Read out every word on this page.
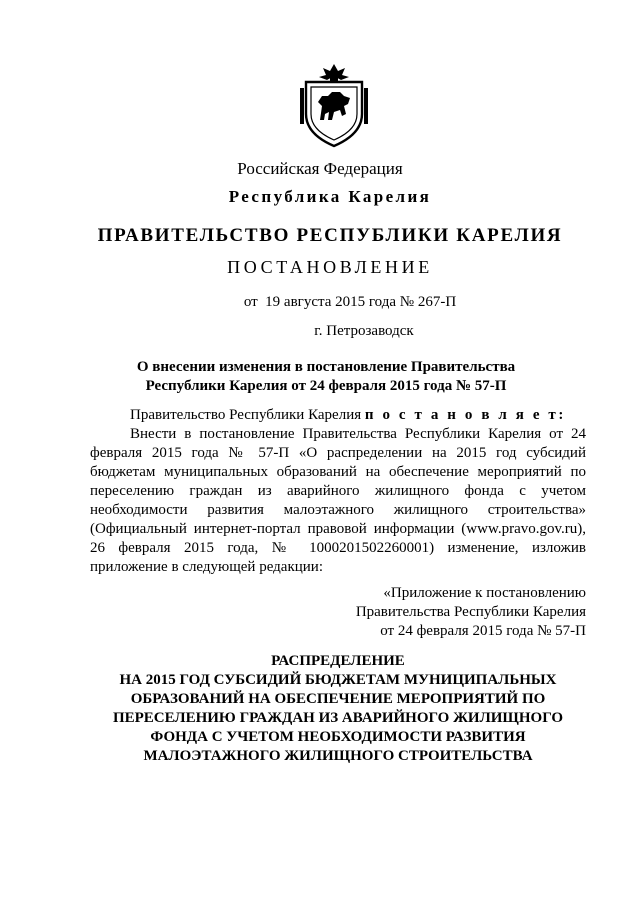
Российская Федерация
Республика Карелия
ПРАВИТЕЛЬСТВО РЕСПУБЛИКИ КАРЕЛИЯ
ПОСТАНОВЛЕНИЕ
от  19 августа 2015 года № 267-П
г. Петрозаводск
О внесении изменения в постановление Правительства
Республики Карелия от 24 февраля 2015 года № 57-П

Правительство Республики Карелия п о с т а н о в л я е т:

Внести в постановление Правительства Республики Карелия от 24 февраля 2015 года № 57-П «О распределении на 2015 год субсидий бюджетам муниципальных образований на обеспечение мероприятий по переселению граждан из аварийного жилищного фонда с учетом необходимости развития малоэтажного жилищного строительства» (Официальный интернет-портал правовой информации (www.pravo.gov.ru), 26 февраля 2015 года, № 1000201502260001) изменение, изложив приложение в следующей редакции:

«Приложение к постановлению
Правительства Республики Карелия
от 24 февраля 2015 года № 57-П
РАСПРЕДЕЛЕНИЕ
НА 2015 ГОД СУБСИДИЙ БЮДЖЕТАМ МУНИЦИПАЛЬНЫХ
ОБРАЗОВАНИЙ НА ОБЕСПЕЧЕНИЕ МЕРОПРИЯТИЙ ПО
ПЕРЕСЕЛЕНИЮ ГРАЖДАН ИЗ АВАРИЙНОГО ЖИЛИЩНОГО
ФОНДА С УЧЕТОМ НЕОБХОДИМОСТИ РАЗВИТИЯ
МАЛОЭТАЖНОГО ЖИЛИЩНОГО СТРОИТЕЛЬСТВА
